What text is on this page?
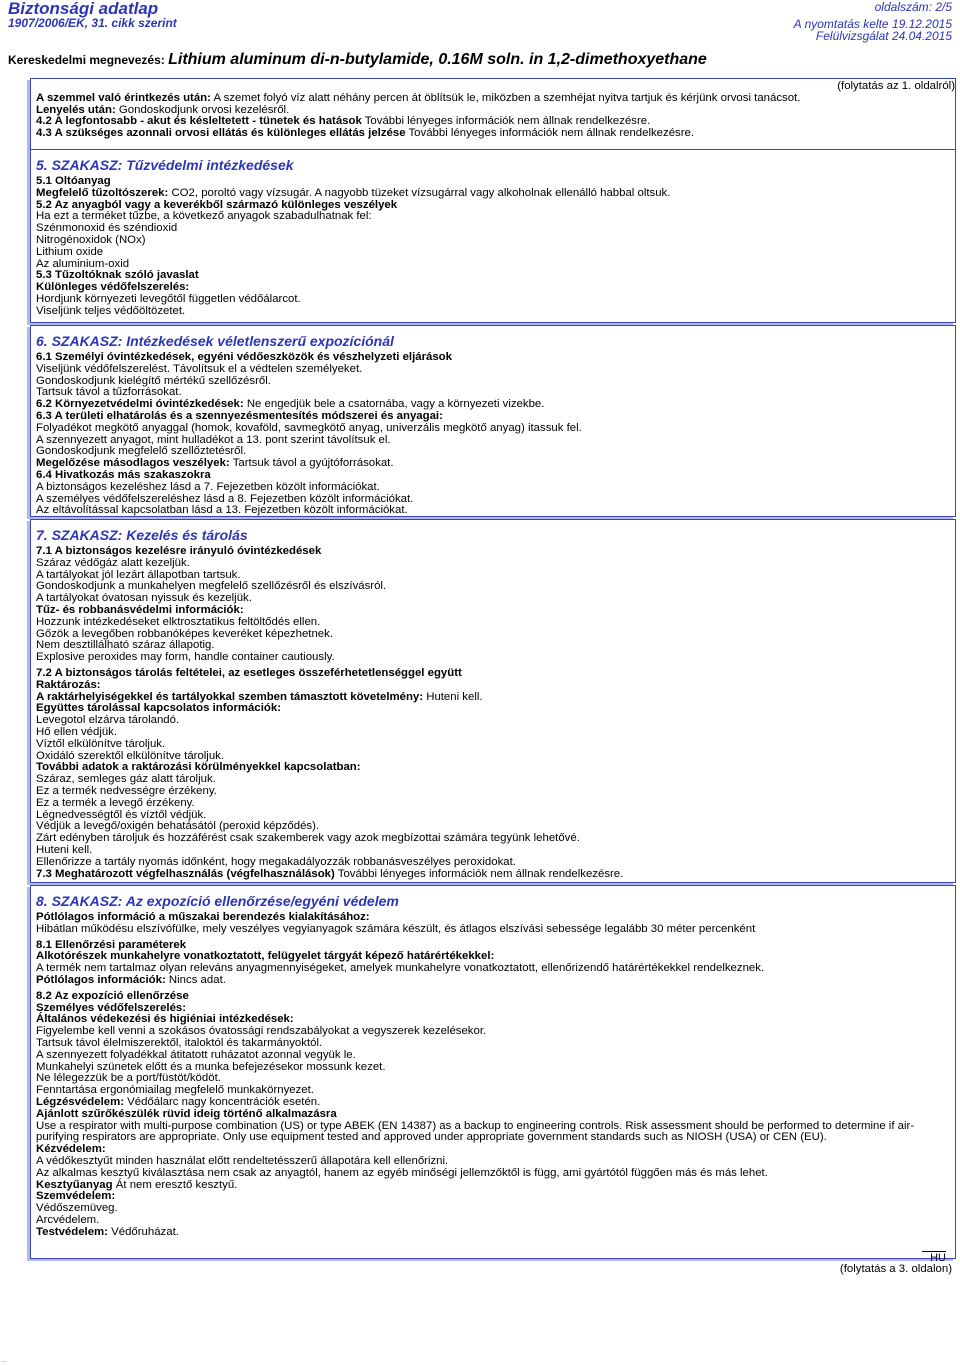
Biztonsági adatlap
1907/2006/EK, 31. cikk szerint
oldalszám: 2/5
A nyomtatás kelte 19.12.2015
Felülvizsgálat 24.04.2015
Kereskedelmi megnevezés: Lithium aluminum di-n-butylamide, 0.16M soln. in 1,2-dimethoxyethane
(folytatás az 1. oldalról)
A szemmel való érintkezés után: A szemet folyó víz alatt néhány percen át öblítsük le, miközben a szemhéjat nyitva tartjuk és kérjünk orvosi tanácsot.
Lenyelés után: Gondoskodjunk orvosi kezelésről.
4.2 A legfontosabb - akut és késleltetett - tünetek és hatások További lényeges információk nem állnak rendelkezésre.
4.3 A szükséges azonnali orvosi ellátás és különleges ellátás jelzése További lényeges információk nem állnak rendelkezésre.
5. SZAKASZ: Tűzvédelmi intézkedések
5.1 Oltóanyag
Megfelelő tűzoltószerek: CO2, poroltó vagy vízsugár. A nagyobb tüzeket vízsugárral vagy alkoholnak ellenálló habbal oltsuk.
5.2 Az anyagból vagy a keverékből származó különleges veszélyek
Ha ezt a terméket tűzbe, a következő anyagok szabadulhatnak fel:
Szénmonoxid és széndioxid
Nitrogénoxidok (NOx)
Lithium oxide
Az aluminium-oxid
5.3 Tűzoltóknak szóló javaslat
Különleges védőfelszerelés:
Hordjunk környezeti levegőtől független védőálarcot.
Viseljünk teljes védőöltözetet.
6. SZAKASZ: Intézkedések véletlenszerű expozíciónál
6.1 Személyi óvintézkedések, egyéni védőeszközök és vészhelyzeti eljárások
Viseljünk védőfelszerelést. Távolítsuk el a védtelen személyeket.
Gondoskodjunk kielégítő mértékű szellőzésről.
Tartsuk távol a tűzforrásokat.
6.2 Környezetvédelmi óvintézkedések: Ne engedjük bele a csatornába, vagy a környezeti vizekbe.
6.3 A területi elhatárolás és a szennyezésmentesítés módszerei és anyagai:
Folyadékot megkötő anyaggal (homok, kovaföld, savmegkötő anyag, univerzális megkötő anyag) itassuk fel.
A szennyezett anyagot, mint hulladékot a 13. pont szerint távolítsuk el.
Gondoskodjunk megfelelő szellőztetésről.
Megelőzése másodlagos veszélyek: Tartsuk távol a gyújtóforrásokat.
6.4 Hivatkozás más szakaszokra
A biztonságos kezeléshez lásd a 7. Fejezetben közölt információkat.
A személyes védőfelszereléshez lásd a 8. Fejezetben közölt információkat.
Az eltávolítással kapcsolatban lásd a 13. Fejezetben közölt információkat.
7. SZAKASZ: Kezelés és tárolás
7.1 A biztonságos kezelésre irányuló óvintézkedések
Száraz védőgáz alatt kezeljük.
A tartályokat jól lezárt állapotban tartsuk.
Gondoskodjunk a munkahelyen megfelelő szellőzésről és elszívásról.
A tartályokat óvatosan nyissuk és kezeljük.
Tűz- és robbanásvédelmi információk:
Hozzunk intézkedéseket elktrosztatikus feltöltődés ellen.
Gőzök a levegőben robbanóképes keveréket képezhetnek.
Nem desztillálható száraz állapotig.
Explosive peroxides may form, handle container cautiously.
7.2 A biztonságos tárolás feltételei, az esetleges összeférhetetlenséggel együtt
Raktározás:
A raktárhelyiségekkel és tartályokkal szemben támasztott követelmény: Huteni kell.
Együttes tárolással kapcsolatos információk:
Levegotol elzárva tárolandó.
Hő ellen védjük.
Víztől elkülönítve tároljuk.
Oxidáló szerektől elkülönítve tároljuk.
További adatok a raktározási körülményekkel kapcsolatban:
Száraz, semleges gáz alatt tároljuk.
Ez a termék nedvességre érzékeny.
Ez a termék a levegő érzékeny.
Légnedvességtől és víztől védjük.
Védjük a levegő/oxigén behatásától (peroxid képződés).
Zárt edényben tároljuk és hozzáférést csak szakemberek vagy azok megbízottai számára tegyünk lehetővé.
Huteni kell.
Ellenőrizze a tartály nyomás időnként, hogy megakadályozzák robbanásveszélyes peroxidokat.
7.3 Meghatározott végfelhasználás (végfelhasználások) További lényeges információk nem állnak rendelkezésre.
8. SZAKASZ: Az expozíció ellenőrzése/egyéni védelem
Pótlólagos információ a műszakai berendezés kialakításához:
Hibátlan működésu elszívófülke, mely veszélyes vegyianyagok számára készült, és átlagos elszívási sebessége legalább 30 méter percenként
8.1 Ellenőrzési paraméterek
Alkotórészek munkahelyre vonatkoztatott, felügyelet tárgyát képező határértékekkel:
A termék nem tartalmaz olyan releváns anyagmennyiségeket, amelyek munkahelyre vonatkoztatott, ellenőrizendő határértékekkel rendelkeznek.
Pótlólagos információk: Nincs adat.
8.2 Az expozíció ellenőrzése
Személyes védőfelszerelés:
Általános védekezési és higiéniai intézkedések:
Figyelembe kell venni a szokásos óvatossági rendszabályokat a vegyszerek kezelésekor.
Tartsuk távol élelmiszerektől, italoktól és takarmányoktól.
A szennyezett folyadékkal átitatott ruházatot azonnal vegyük le.
Munkahelyi szünetek előtt és a munka befejezésekor mossunk kezet.
Ne lélegezzük be a port/füstöt/ködöt.
Fenntartása ergonómiailag megfelelő munkakörnyezet.
Légzésvédelem: Védőálarc nagy koncentrációk esetén.
Ajánlott szűrőkészülék rüvid ideig történő alkalmazásra
Use a respirator with multi-purpose combination (US) or type ABEK (EN 14387) as a backup to engineering controls. Risk assessment should be performed to determine if air-purifying respirators are appropriate. Only use equipment tested and approved under appropriate government standards such as NIOSH (USA) or CEN (EU).
Kézvédelem:
A védőkesztyűt minden használat előtt rendeltetésszerű állapotára kell ellenőrizni.
Az alkalmas kesztyű kiválasztása nem csak az anyagtól, hanem az egyéb minőségi jellemzőktől is függ, ami gyártótól függően más és más lehet.
Kesztyűanyag Át nem eresztő kesztyű.
Szemvédelem:
Védőszemüveg.
Arcvédelem.
Testvédelem: Védőruházat.
HU
(folytatás a 3. oldalon)
...
